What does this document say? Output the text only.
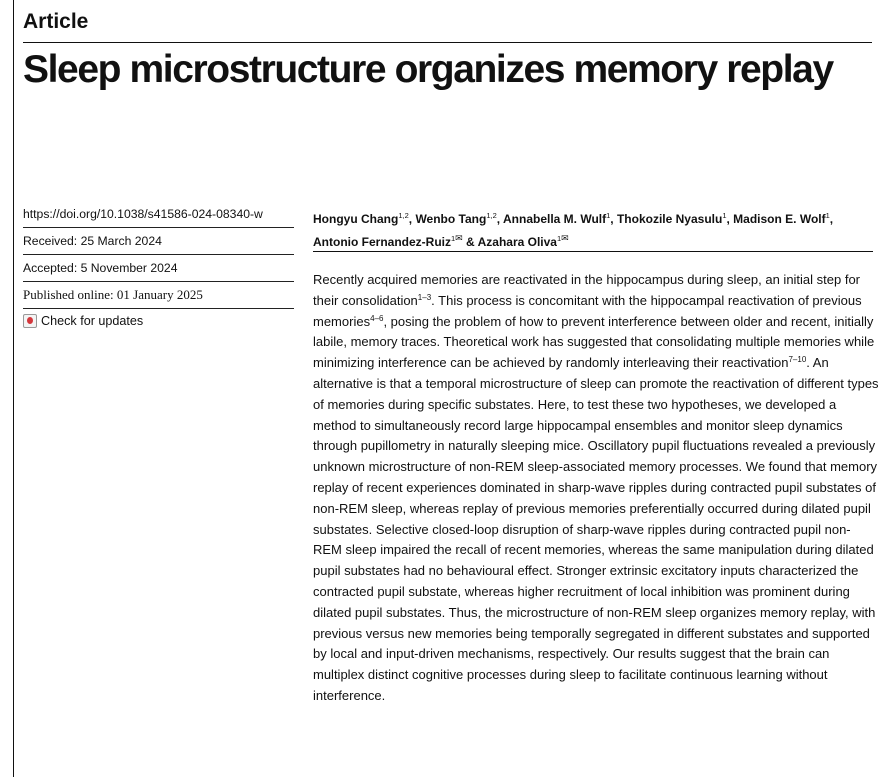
Article
Sleep microstructure organizes memory replay
https://doi.org/10.1038/s41586-024-08340-w
Received: 25 March 2024
Accepted: 5 November 2024
Published online: 01 January 2025
Check for updates
Hongyu Chang$^{1,2}$, Wenbo Tang$^{1,2}$, Annabella M. Wulf$^1$, Thokozile Nyasulu$^1$, Madison E. Wolf$^1$, Antonio Fernandez-Ruiz$^{1✉}$ & Azahara Oliva$^{1✉}$

Recently acquired memories are reactivated in the hippocampus during sleep, an initial step for their consolidation$^{1-3}$. This process is concomitant with the hippocampal reactivation of previous memories$^{4-6}$, posing the problem of how to prevent interference between older and recent, initially labile, memory traces. Theoretical work has suggested that consolidating multiple memories while minimizing interference can be achieved by randomly interleaving their reactivation$^{7-10}$. An alternative is that a temporal microstructure of sleep can promote the reactivation of different types of memories during specific substates. Here, to test these two hypotheses, we developed a method to simultaneously record large hippocampal ensembles and monitor sleep dynamics through pupillometry in naturally sleeping mice. Oscillatory pupil fluctuations revealed a previously unknown microstructure of non-REM sleep-associated memory processes. We found that memory replay of recent experiences dominated in sharp-wave ripples during contracted pupil substates of non-REM sleep, whereas replay of previous memories preferentially occurred during dilated pupil substates. Selective closed-loop disruption of sharp-wave ripples during contracted pupil non-REM sleep impaired the recall of recent memories, whereas the same manipulation during dilated pupil substates had no behavioural effect. Stronger extrinsic excitatory inputs characterized the contracted pupil substate, whereas higher recruitment of local inhibition was prominent during dilated pupil substates. Thus, the microstructure of non-REM sleep organizes memory replay, with previous versus new memories being temporally segregated in different substates and supported by local and input-driven mechanisms, respectively. Our results suggest that the brain can multiplex distinct cognitive processes during sleep to facilitate continuous learning without interference.
